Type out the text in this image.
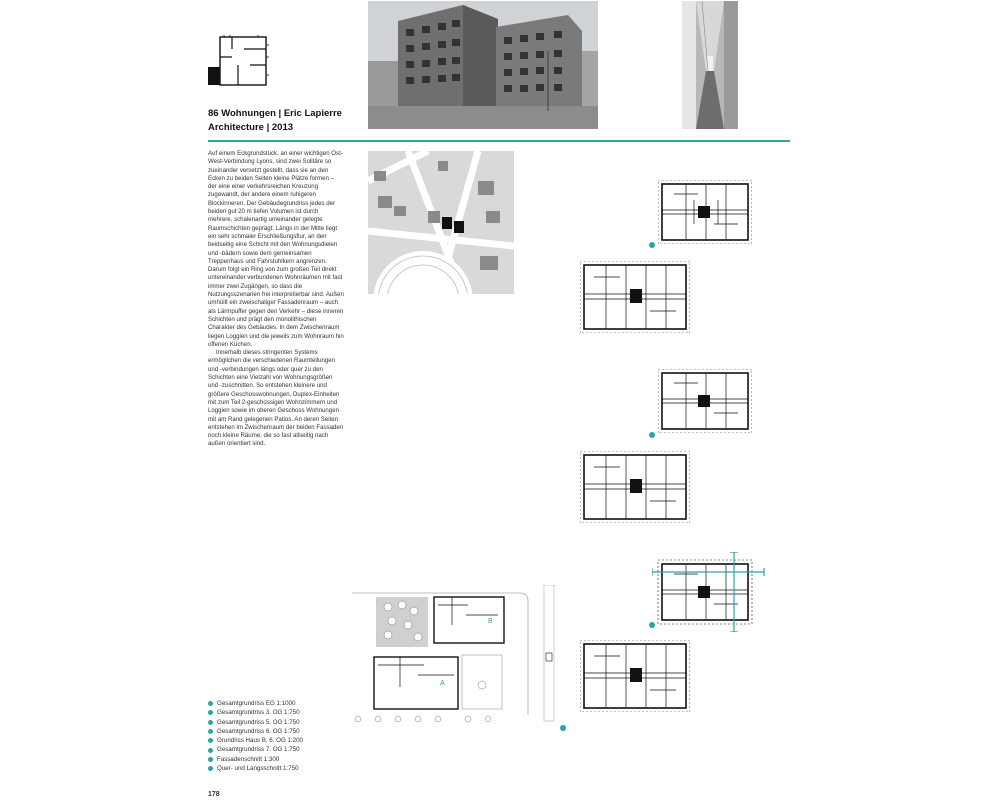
86 Wohnungen | Eric Lapierre
Architecture | 2013

Auf einem Eckgrundstück, an einer wichtigen Ost-West-Verbindung Lyons, sind zwei Solitäre so zueinander versetzt gestellt, dass sie an den Ecken zu beiden Seiten kleine Plätze formen – der eine einer verkehrsreichen Kreuzung zugewandt, der andere einem ruhigeren Blockinneren. Der Gebäudegrundriss jedes der beiden gut 20 m tiefen Volumen ist durch mehrere, schalenartig umeinander gelegte Raumschichten geprägt: Längs in der Mitte liegt ein sehr schmaler Erschließungsflur, an den beidseitig eine Schicht mit den Wohnungsdielen und -bädern sowie dem gemeinsamen Treppenhaus und Fahrstuhlkern angrenzen. Darum folgt ein Ring von zum großen Teil direkt untereinander verbundenen Wohnräumen mit fast immer zwei Zugängen, so dass die Nutzungsszenarien frei interpretierbar sind. Außen umhüllt ein zweischaliger Fassadenraum – auch als Lärmpuffer gegen den Verkehr – diese inneren Schichten und prägt den monolithischen Charakter des Gebäudes. In dem Zwischenraum liegen Loggien und die jeweils zum Wohnraum hin offenen Küchen.

Innerhalb dieses stringenten Systems ermöglichen die verschiedenen Raumteilungen und -verbindungen längs oder quer zu den Schichten eine Vielzahl von Wohnungsgrößen und -zuschnitten. So entstehen kleinere und größere Geschosswohnungen, Duplex-Einheiten mit zum Teil 2-geschossigen Wohnzimmern und Loggien sowie im oberen Geschoss Wohnungen mit am Rand gelegenen Patios. An deren Seiten entstehen im Zwischenraum der beiden Fassaden noch kleine Räume, die so fast allseitig nach außen orientiert sind.

A
B
Gesamtgrundriss EG 1:1000
Gesamtgrundriss 3. OG 1:750
Gesamtgrundriss 5. OG 1:750
Gesamtgrundriss 6. OG 1:750
Grundriss Haus B, 6. OG 1:200
Gesamtgrundriss 7. OG 1:750
Fassadenschnitt 1:300
Quer- und Langsschnitt 1:750
178
